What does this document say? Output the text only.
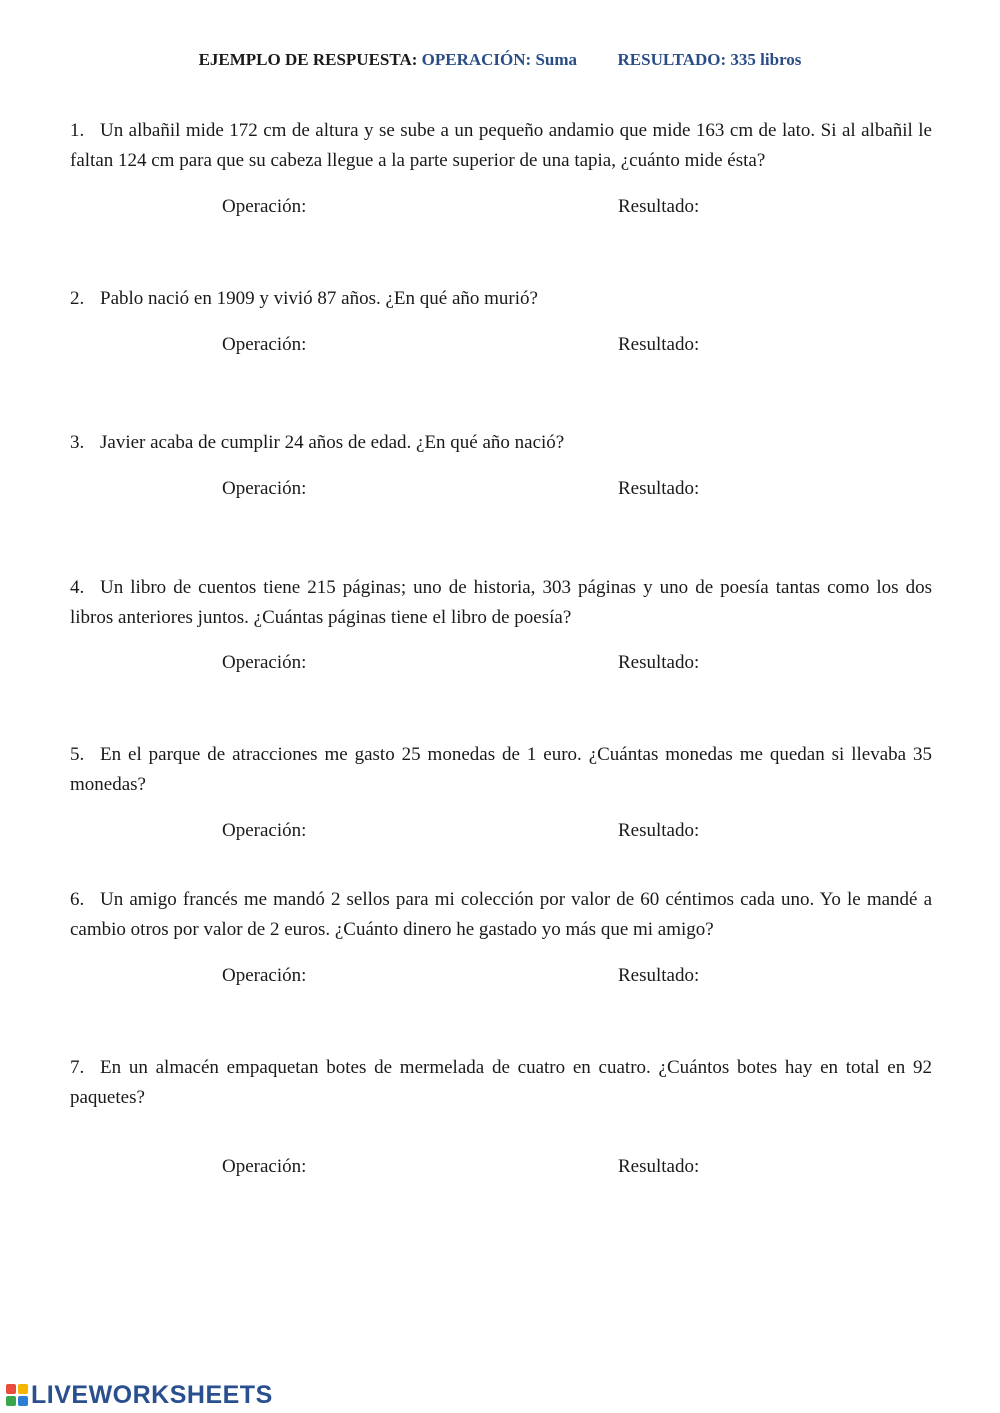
EJEMPLO DE RESPUESTA: OPERACIÓN: Suma RESULTADO: 335 libros
1. Un albañil mide 172 cm de altura y se sube a un pequeño andamio que mide 163 cm de lato. Si al albañil le faltan 124 cm para que su cabeza llegue a la parte superior de una tapia, ¿cuánto mide ésta?
Operación:	Resultado:
2. Pablo nació en 1909 y vivió 87 años. ¿En qué año murió?
Operación:	Resultado:
3. Javier acaba de cumplir 24 años de edad. ¿En qué año nació?
Operación:	Resultado:
4. Un libro de cuentos tiene 215 páginas; uno de historia, 303 páginas y uno de poesía tantas como los dos libros anteriores juntos. ¿Cuántas páginas tiene el libro de poesía?
Operación:	Resultado:
5. En el parque de atracciones me gasto 25 monedas de 1 euro. ¿Cuántas monedas me quedan si llevaba 35 monedas?
Operación:	Resultado:
6. Un amigo francés me mandó 2 sellos para mi colección por valor de 60 céntimos cada uno. Yo le mandé a cambio otros por valor de 2 euros. ¿Cuánto dinero he gastado yo más que mi amigo?
Operación:	Resultado:
7. En un almacén empaquetan botes de mermelada de cuatro en cuatro. ¿Cuántos botes hay en total en 92 paquetes?
Operación:	Resultado:
LIVEWORKSHEETS
